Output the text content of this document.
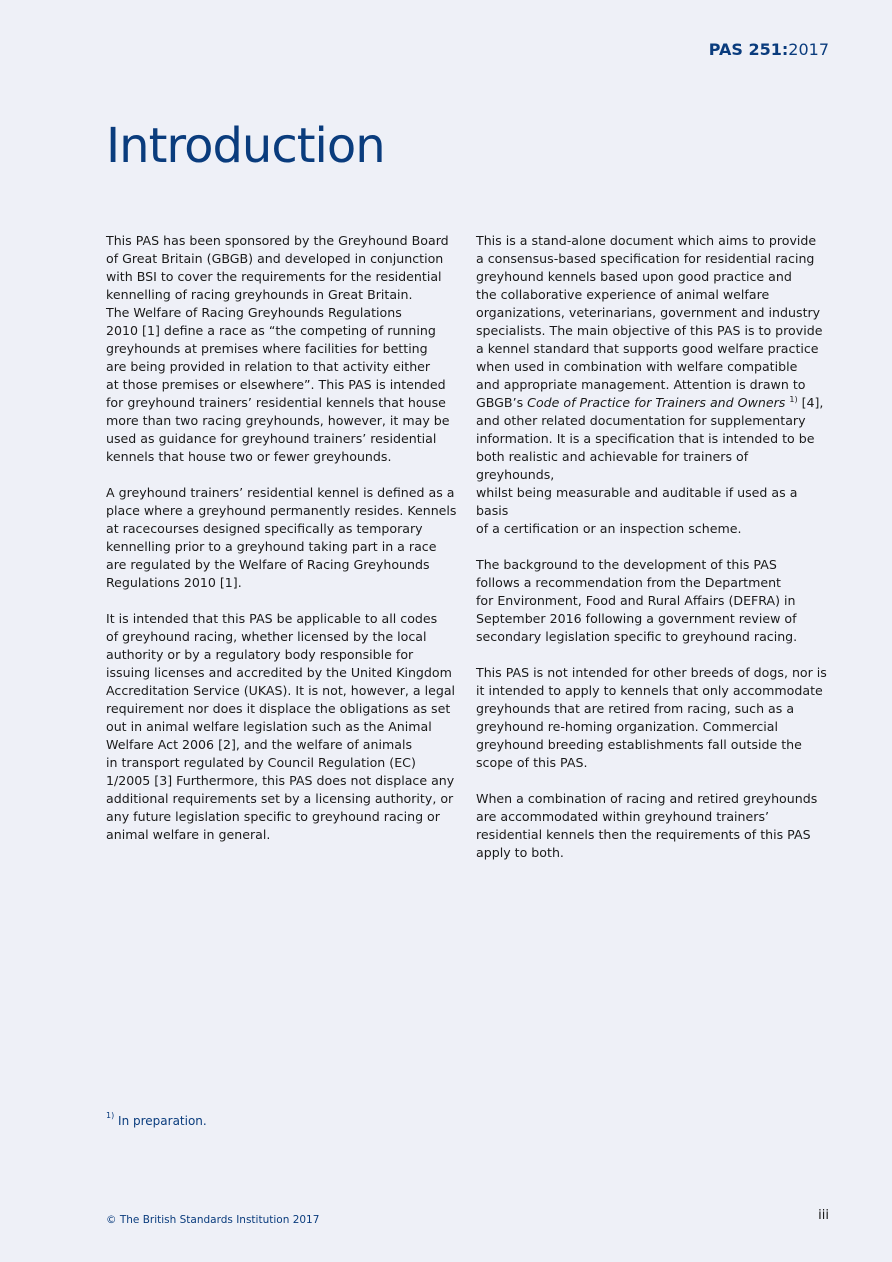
PAS 251:2017
Introduction

This PAS has been sponsored by the Greyhound Board
of Great Britain (GBGB) and developed in conjunction
with BSI to cover the requirements for the residential
kennelling of racing greyhounds in Great Britain.
The Welfare of Racing Greyhounds Regulations
2010 [1] define a race as “the competing of running
greyhounds at premises where facilities for betting
are being provided in relation to that activity either
at those premises or elsewhere”. This PAS is intended
for greyhound trainers’ residential kennels that house
more than two racing greyhounds, however, it may be
used as guidance for greyhound trainers’ residential
kennels that house two or fewer greyhounds.

A greyhound trainers’ residential kennel is defined as a
place where a greyhound permanently resides. Kennels
at racecourses designed specifically as temporary
kennelling prior to a greyhound taking part in a race
are regulated by the Welfare of Racing Greyhounds
Regulations 2010 [1].

It is intended that this PAS be applicable to all codes
of greyhound racing, whether licensed by the local
authority or by a regulatory body responsible for
issuing licenses and accredited by the United Kingdom
Accreditation Service (UKAS). It is not, however, a legal
requirement nor does it displace the obligations as set
out in animal welfare legislation such as the Animal
Welfare Act 2006 [2], and the welfare of animals
in transport regulated by Council Regulation (EC)
1/2005 [3] Furthermore, this PAS does not displace any
additional requirements set by a licensing authority, or
any future legislation specific to greyhound racing or
animal welfare in general.

This is a stand-alone document which aims to provide
a consensus-based specification for residential racing
greyhound kennels based upon good practice and
the collaborative experience of animal welfare
organizations, veterinarians, government and industry
specialists. The main objective of this PAS is to provide
a kennel standard that supports good welfare practice
when used in combination with welfare compatible
and appropriate management. Attention is drawn to
GBGB’s Code of Practice for Trainers and Owners $^{1)}$ [4],
and other related documentation for supplementary
information. It is a specification that is intended to be
both realistic and achievable for trainers of greyhounds,
whilst being measurable and auditable if used as a basis
of a certification or an inspection scheme.

The background to the development of this PAS
follows a recommendation from the Department
for Environment, Food and Rural Affairs (DEFRA) in
September 2016 following a government review of
secondary legislation specific to greyhound racing.

This PAS is not intended for other breeds of dogs, nor is
it intended to apply to kennels that only accommodate
greyhounds that are retired from racing, such as a
greyhound re-homing organization. Commercial
greyhound breeding establishments fall outside the
scope of this PAS.

When a combination of racing and retired greyhounds
are accommodated within greyhound trainers’
residential kennels then the requirements of this PAS
apply to both.

$^{1)}$ In preparation.
© The British Standards Institution 2017	iii
